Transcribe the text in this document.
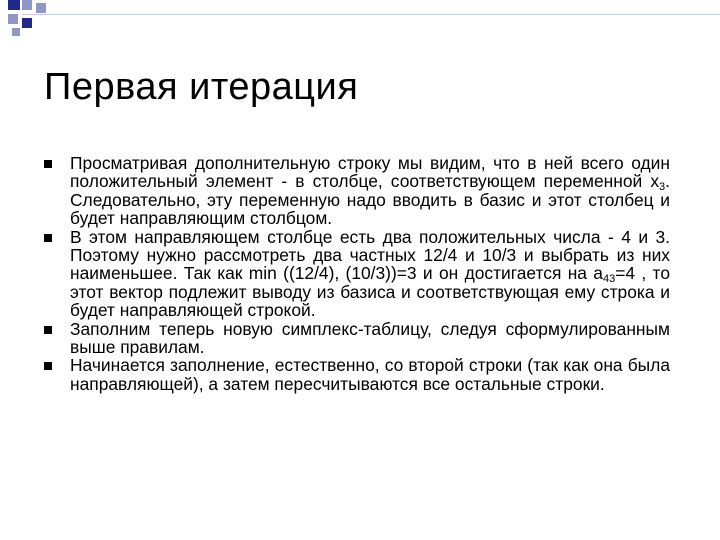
Первая итерация
Просматривая дополнительную строку мы видим, что в ней всего один положительный элемент - в столбце, соответствующем переменной $x_3$. Следовательно, эту переменную надо вводить в базис и этот столбец и будет направляющим столбцом.
В этом направляющем столбце есть два положительных числа - 4 и 3. Поэтому нужно рассмотреть два частных 12/4 и 10/3 и выбрать из них наименьшее. Так как min ((12/4), (10/3))=3 и он достигается на $a_{43}=4$ , то этот вектор подлежит выводу из базиса и соответствующая ему строка и будет направляющей строкой.
Заполним теперь новую симплекс-таблицу, следуя сформулированным выше правилам.
Начинается заполнение, естественно, со второй строки (так как она была направляющей), а затем пересчитываются все остальные строки.
